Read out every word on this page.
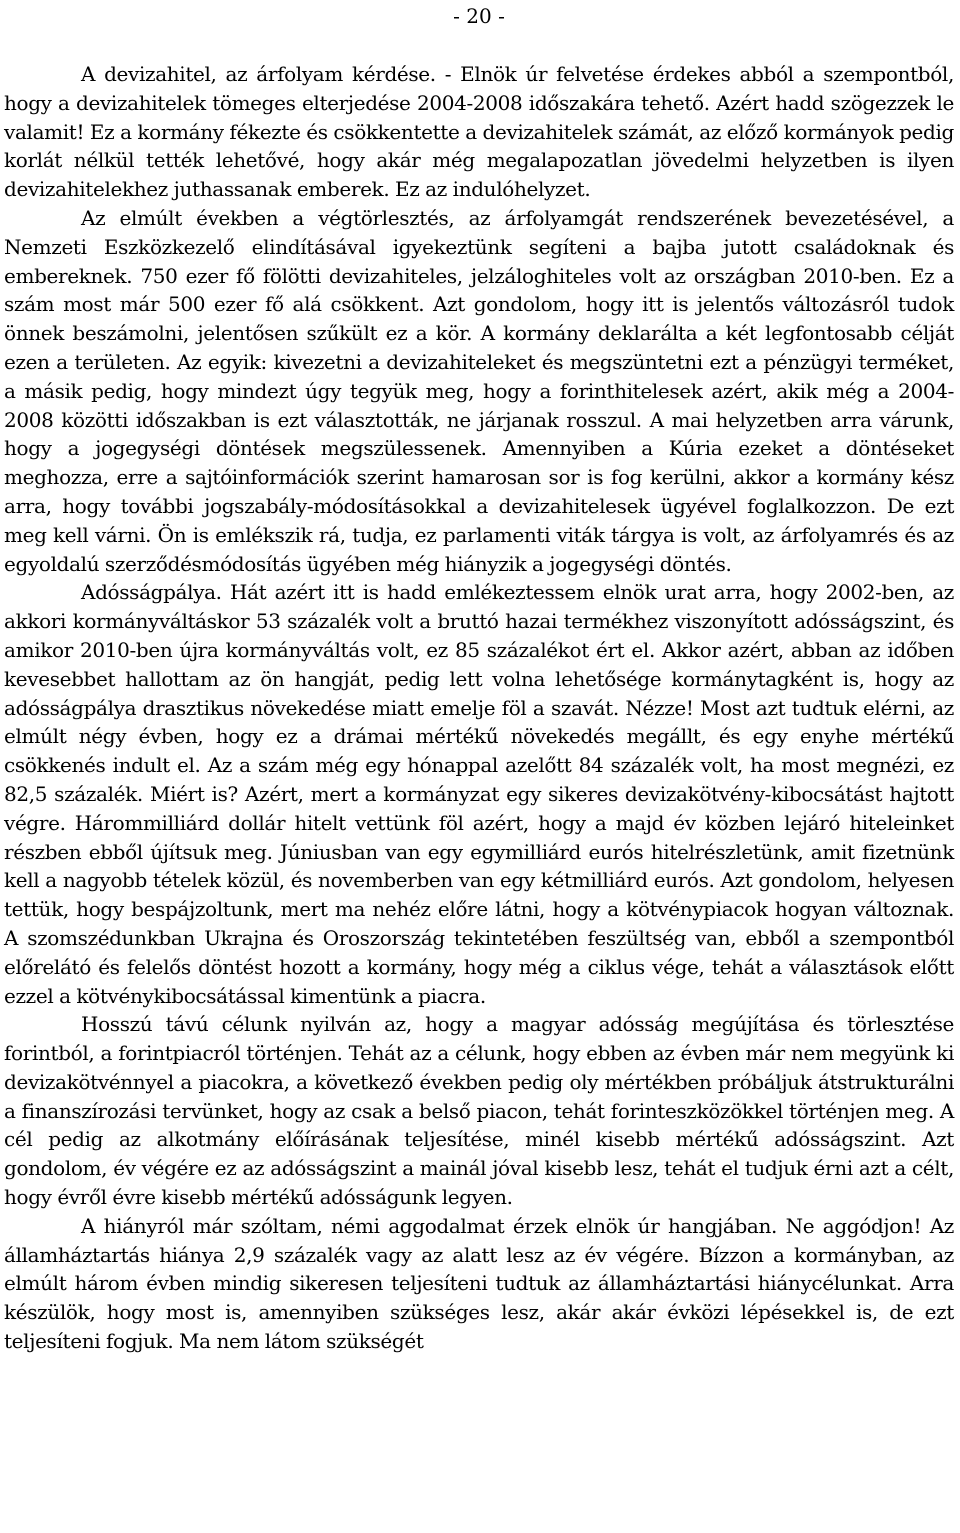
- 20 -

A devizahitel, az árfolyam kérdése. - Elnök úr felvetése érdekes abból a szempontból, hogy a devizahitelek tömeges elterjedése 2004-2008 időszakára tehető. Azért hadd szögezzek le valamit! Ez a kormány fékezte és csökkentette a devizahitelek számát, az előző kormányok pedig korlát nélkül tették lehetővé, hogy akár még megalapozatlan jövedelmi helyzetben is ilyen devizahitelekhez juthassanak emberek. Ez az indulóhelyzet.

Az elmúlt években a végtörlesztés, az árfolyamgát rendszerének bevezetésével, a Nemzeti Eszközkezelő elindításával igyekeztünk segíteni a bajba jutott családoknak és embereknek. 750 ezer fő fölötti devizahiteles, jelzáloghiteles volt az országban 2010-ben. Ez a szám most már 500 ezer fő alá csökkent. Azt gondolom, hogy itt is jelentős változásról tudok önnek beszámolni, jelentősen szűkült ez a kör. A kormány deklarálta a két legfontosabb célját ezen a területen. Az egyik: kivezetni a devizahiteleket és megszüntetni ezt a pénzügyi terméket, a másik pedig, hogy mindezt úgy tegyük meg, hogy a forinthitelesek azért, akik még a 2004-2008 közötti időszakban is ezt választották, ne járjanak rosszul. A mai helyzetben arra várunk, hogy a jogegységi döntések megszülessenek. Amennyiben a Kúria ezeket a döntéseket meghozza, erre a sajtóinformációk szerint hamarosan sor is fog kerülni, akkor a kormány kész arra, hogy további jogszabály-módosításokkal a devizahitelesek ügyével foglalkozzon. De ezt meg kell várni. Ön is emlékszik rá, tudja, ez parlamenti viták tárgya is volt, az árfolyamrés és az egyoldalú szerződésmódosítás ügyében még hiányzik a jogegységi döntés.

Adósságpálya. Hát azért itt is hadd emlékeztessem elnök urat arra, hogy 2002-ben, az akkori kormányváltáskor 53 százalék volt a bruttó hazai termékhez viszonyított adósságszint, és amikor 2010-ben újra kormányváltás volt, ez 85 százalékot ért el. Akkor azért, abban az időben kevesebbet hallottam az ön hangját, pedig lett volna lehetősége kormánytagként is, hogy az adósságpálya drasztikus növekedése miatt emelje föl a szavát. Nézze! Most azt tudtuk elérni, az elmúlt négy évben, hogy ez a drámai mértékű növekedés megállt, és egy enyhe mértékű csökkenés indult el. Az a szám még egy hónappal azelőtt 84 százalék volt, ha most megnézi, ez 82,5 százalék. Miért is? Azért, mert a kormányzat egy sikeres devizakötvény-kibocsátást hajtott végre. Hárommilliárd dollár hitelt vettünk föl azért, hogy a majd év közben lejáró hiteleinket részben ebből újítsuk meg. Júniusban van egy egymilliárd eurós hitelrészletünk, amit fizetnünk kell a nagyobb tételek közül, és novemberben van egy kétmilliárd eurós. Azt gondolom, helyesen tettük, hogy bespájzoltunk, mert ma nehéz előre látni, hogy a kötvénypiacok hogyan változnak. A szomszédunkban Ukrajna és Oroszország tekintetében feszültség van, ebből a szempontból előrelátó és felelős döntést hozott a kormány, hogy még a ciklus vége, tehát a választások előtt ezzel a kötvénykibocsátással kimentünk a piacra.

Hosszú távú célunk nyilván az, hogy a magyar adósság megújítása és törlesztése forintból, a forintpiacról történjen. Tehát az a célunk, hogy ebben az évben már nem megyünk ki devizakötvénnyel a piacokra, a következő években pedig oly mértékben próbáljuk átstrukturálni a finanszírozási tervünket, hogy az csak a belső piacon, tehát forinteszközökkel történjen meg. A cél pedig az alkotmány előírásának teljesítése, minél kisebb mértékű adósságszint. Azt gondolom, év végére ez az adósságszint a mainál jóval kisebb lesz, tehát el tudjuk érni azt a célt, hogy évről évre kisebb mértékű adósságunk legyen.

A hiányról már szóltam, némi aggodalmat érzek elnök úr hangjában. Ne aggódjon! Az államháztartás hiánya 2,9 százalék vagy az alatt lesz az év végére. Bízzon a kormányban, az elmúlt három évben mindig sikeresen teljesíteni tudtuk az államháztartási hiánycélunkat. Arra készülök, hogy most is, amennyiben szükséges lesz, akár akár évközi lépésekkel is, de ezt teljesíteni fogjuk. Ma nem látom szükségét
